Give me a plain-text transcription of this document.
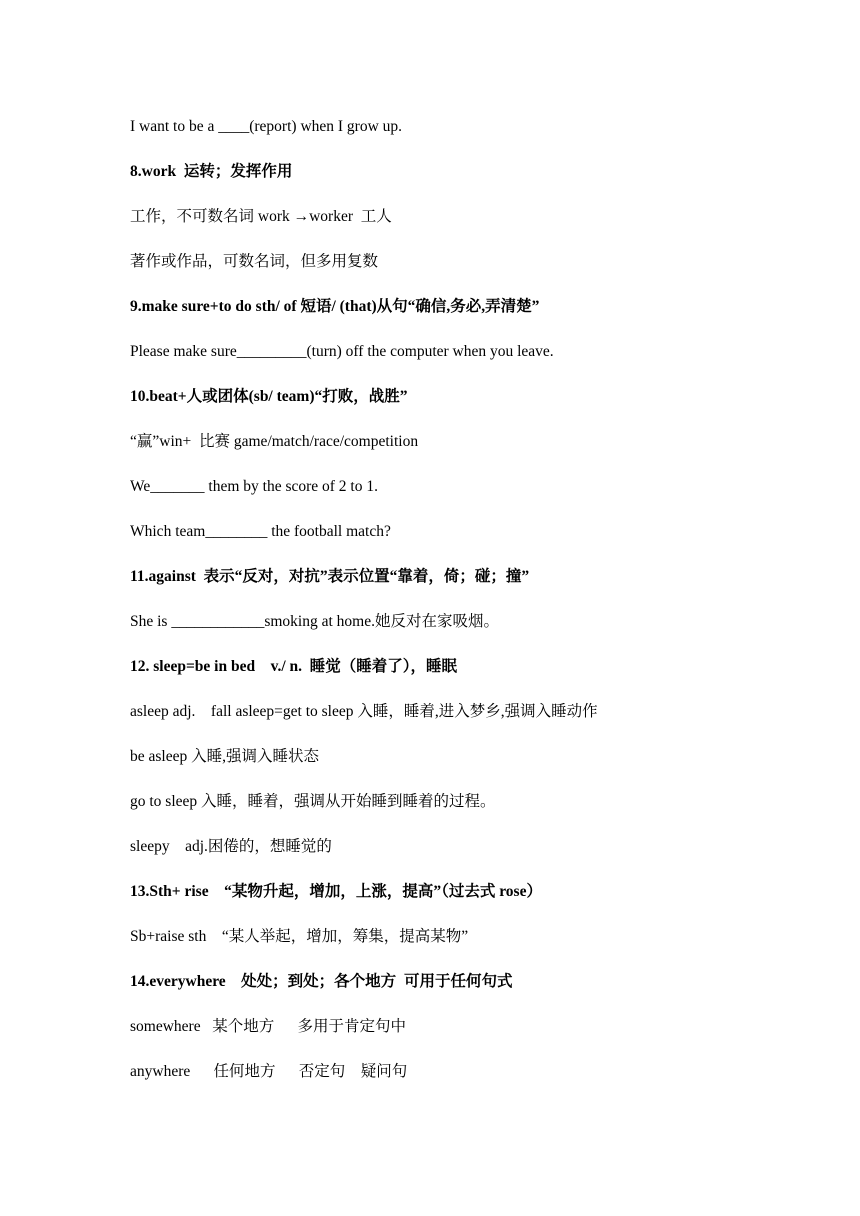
I want to be a ____(report) when I grow up.
8.work  运转；发挥作用
工作，不可数名词 work →worker  工人
著作或作品，可数名词，但多用复数
9.make sure+to do sth/ of 短语/ (that)从句“确信,务必,弄清楚”
Please make sure_________(turn) off the computer when you leave.
10.beat+人或团体(sb/ team)“打败，战胜”
“赢”win+  比赛 game/match/race/competition
We_______ them by the score of 2 to 1.
Which team________ the football match?
11.against  表示“反对，对抗”表示位置“靠着，倚；碰；撞”
She is ____________smoking at home.她反对在家吸烟。
12. sleep=be in bed    v./ n.  睡觉（睡着了），睡眠
asleep adj.    fall asleep=get to sleep 入睡，睡着,进入梦乡,强调入睡动作
be asleep 入睡,强调入睡状态
go to sleep 入睡，睡着，强调从开始睡到睡着的过程。
sleepy    adj.困倦的，想睡觉的
13.Sth+ rise    “某物升起，增加，上涨，提高”（过去式 rose）
Sb+raise sth    “某人举起，增加，筹集，提高某物”
14.everywhere    处处；到处；各个地方  可用于任何句式
somewhere   某个地方      多用于肯定句中
anywhere      任何地方      否定句    疑问句
